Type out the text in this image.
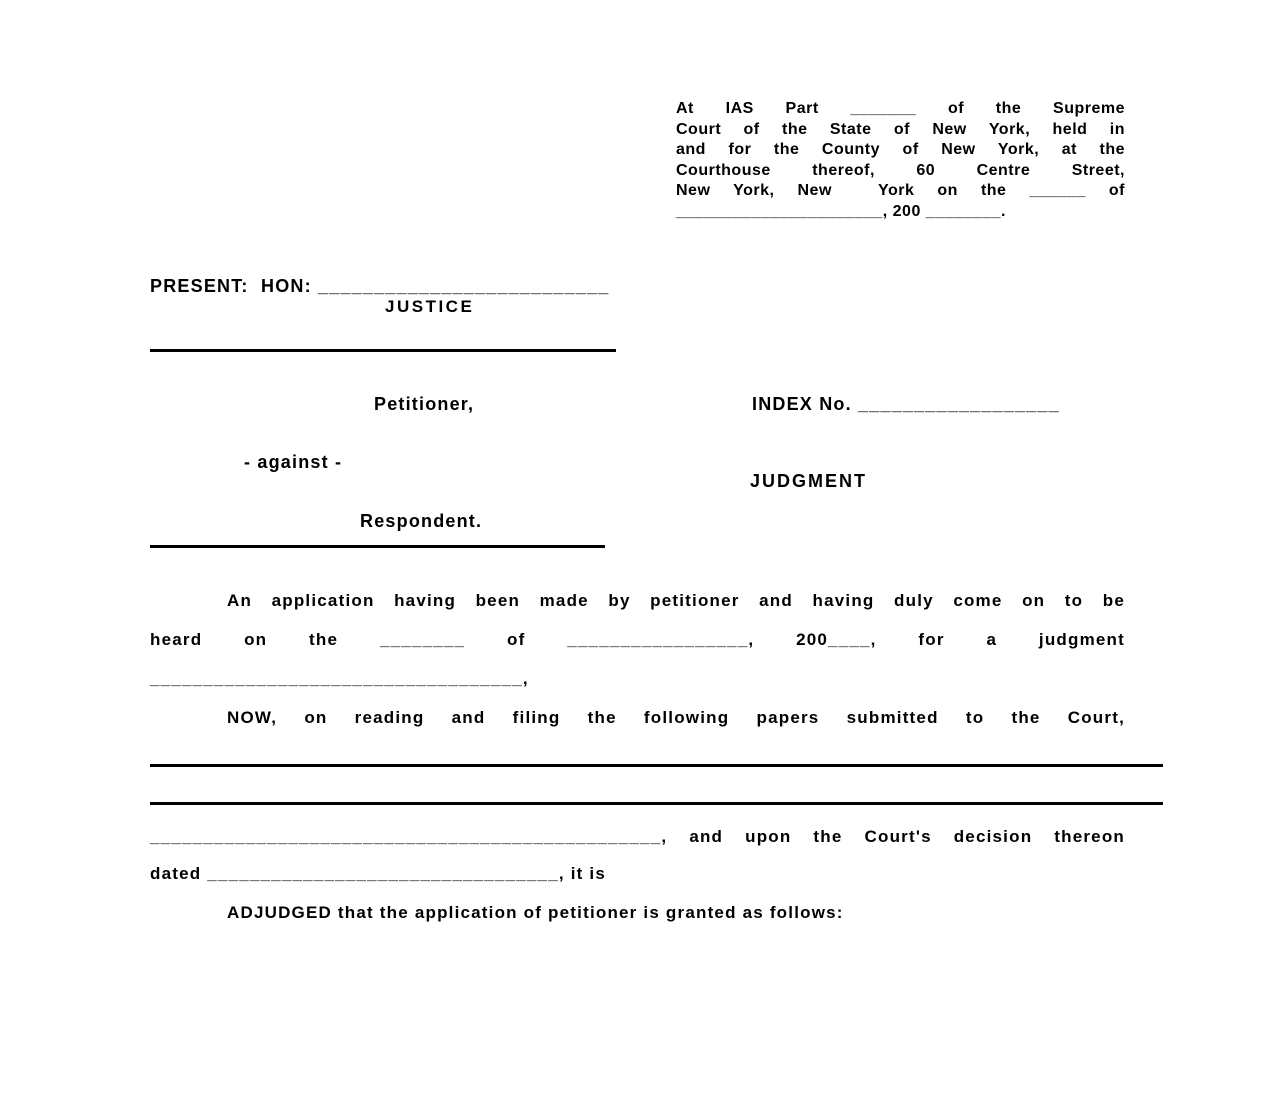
At IAS Part _______ of the Supreme
Court of the State of New York, held in
and for the County of New York, at the
Courthouse thereof, 60 Centre Street,
New York, New  York on the ______ of
______________________, 200 ________.
PRESENT:  HON: __________________________
JUSTICE
Petitioner,
- against -
Respondent.
INDEX No. __________________
JUDGMENT
An application having been made by petitioner and having duly come on to be
heard on the ________ of _________________, 200____, for a judgment
___________________________________,
NOW, on reading and filing the following papers submitted to the Court,
________________________________________________, and upon the Court's decision thereon
dated _________________________________, it is
ADJUDGED that the application of petitioner is granted as follows:
